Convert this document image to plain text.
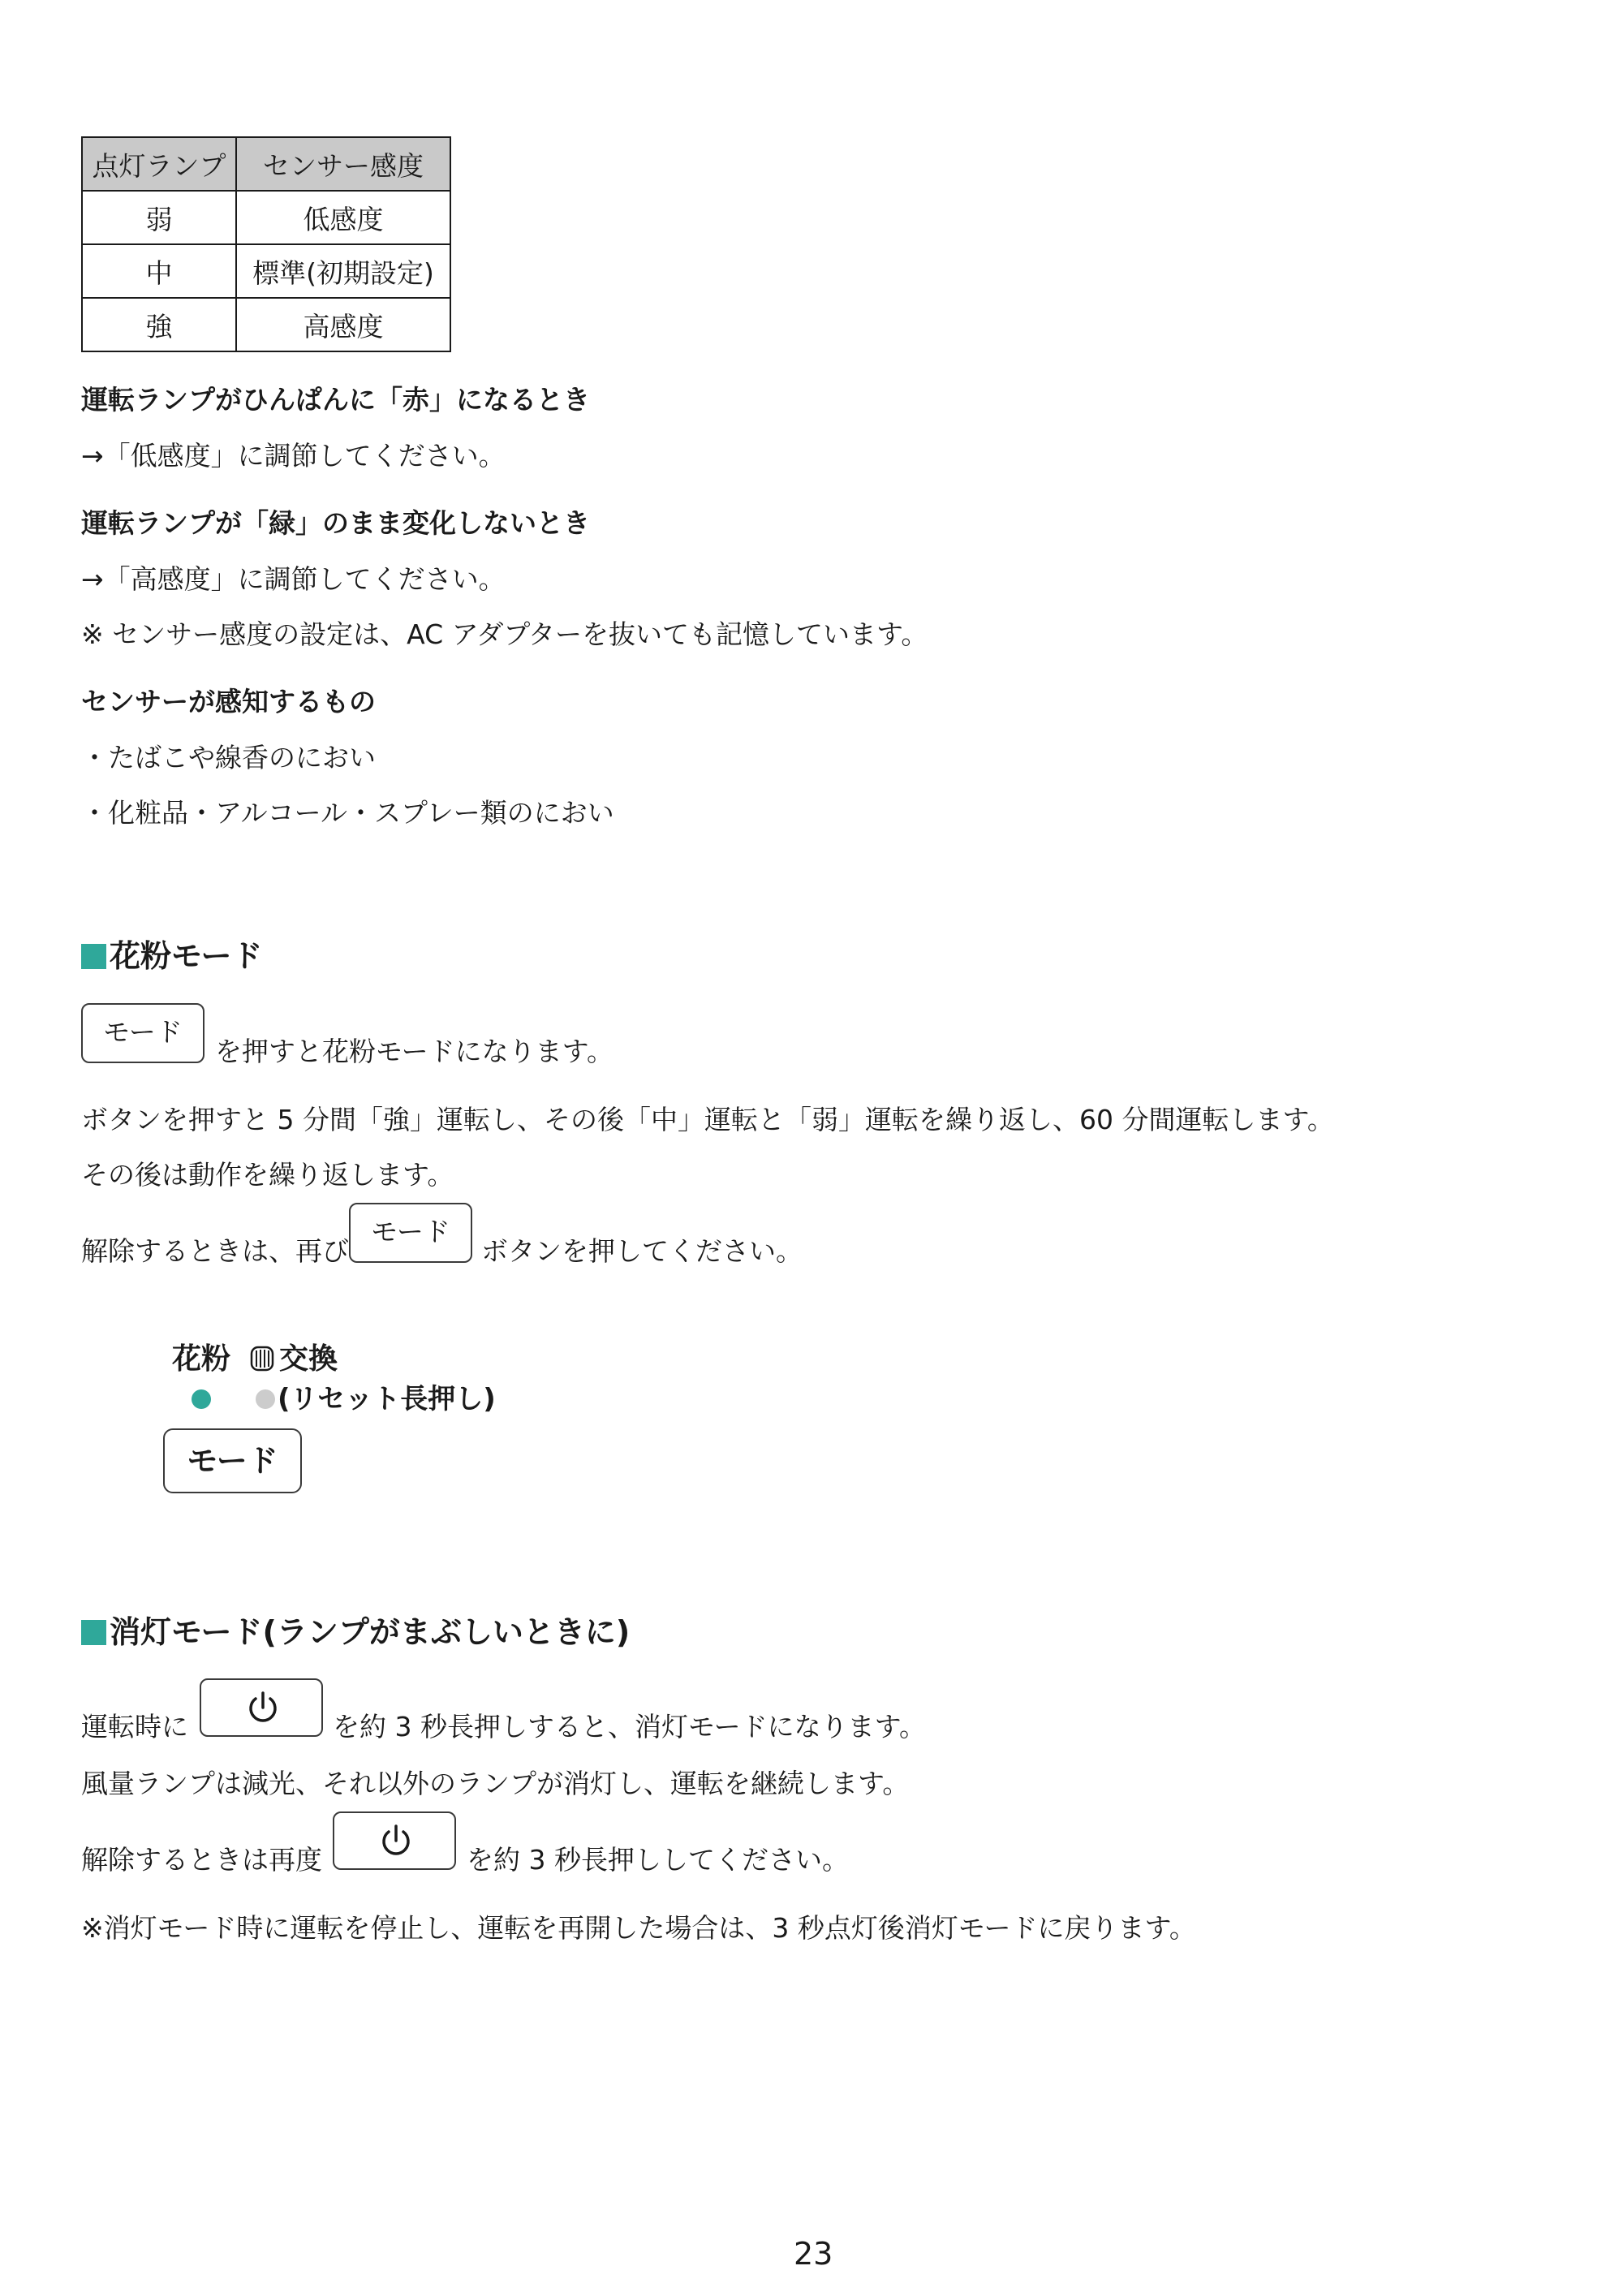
点灯ランプ	センサー感度
弱	低感度
中	標準(初期設定)
強	高感度
運転ランプがひんぱんに「赤」になるとき
→「低感度」に調節してください。
運転ランプが「緑」のまま変化しないとき
→「高感度」に調節してください。
※ センサー感度の設定は、AC アダプターを抜いても記憶しています。
センサーが感知するもの
・たばこや線香のにおい
・化粧品・アルコール・スプレー類のにおい
花粉モード
モード
を押すと花粉モードになります。
ボタンを押すと 5 分間「強」運転し、その後「中」運転と「弱」運転を繰り返し、60 分間運転します。
その後は動作を繰り返します。
解除するときは、再び
モード
ボタンを押してください。
花粉 交換
(リセット長押し)
モード
消灯モード(ランプがまぶしいときに)
運転時に	を約 3 秒長押しすると、消灯モードになります。
風量ランプは減光、それ以外のランプが消灯し、運転を継続します。
解除するときは再度	を約 3 秒長押ししてください。
※消灯モード時に運転を停止し、運転を再開した場合は、3 秒点灯後消灯モードに戻ります。
23
